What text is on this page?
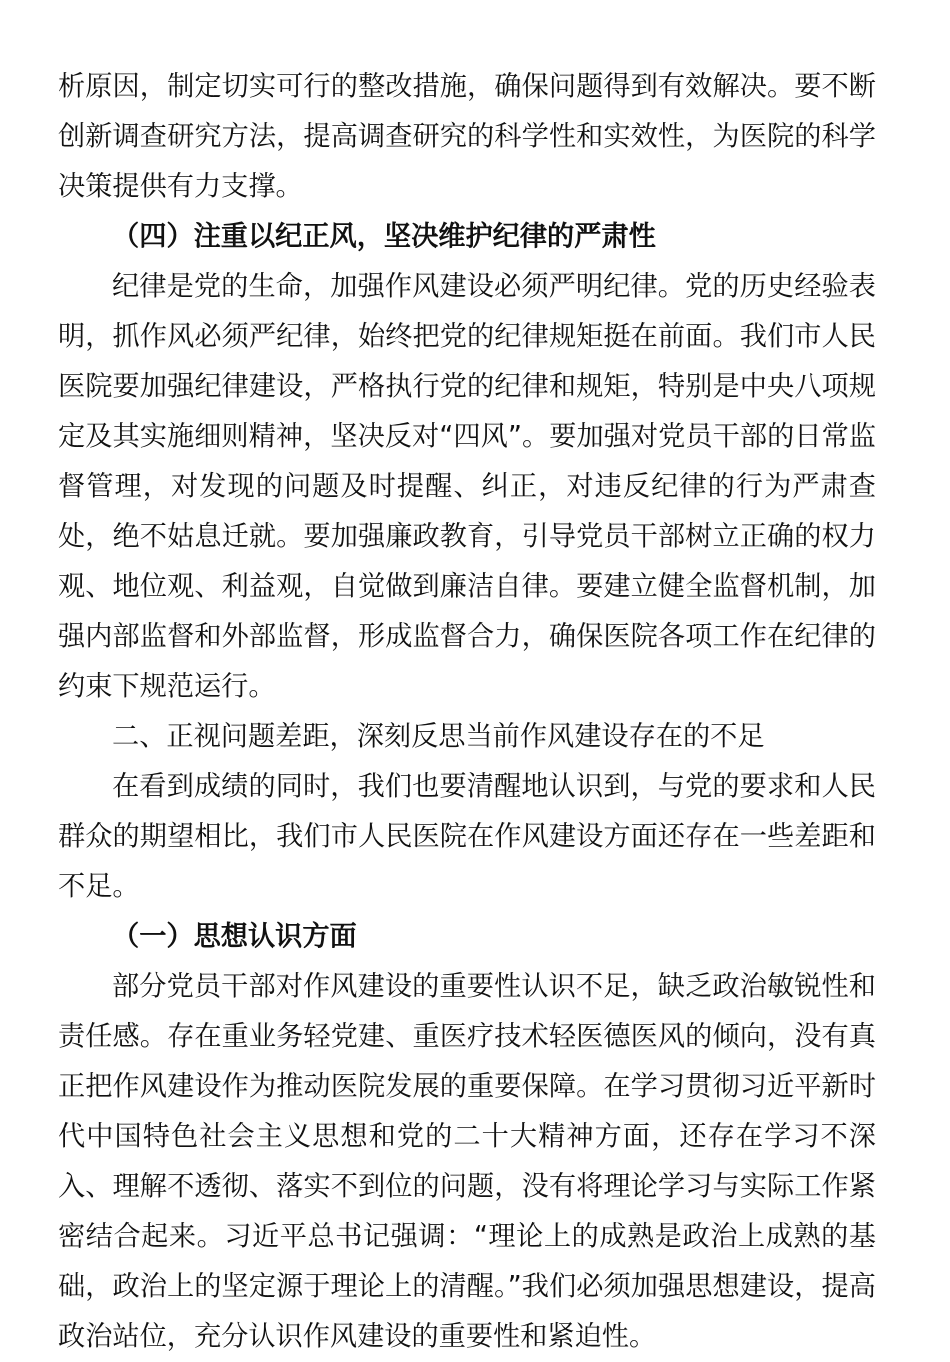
析原因，制定切实可行的整改措施，确保问题得到有效解决。要不断创新调查研究方法，提高调查研究的科学性和实效性，为医院的科学决策提供有力支撑。

（四）注重以纪正风，坚决维护纪律的严肃性

纪律是党的生命，加强作风建设必须严明纪律。党的历史经验表明，抓作风必须严纪律，始终把党的纪律规矩挺在前面。我们市人民医院要加强纪律建设，严格执行党的纪律和规矩，特别是中央八项规定及其实施细则精神，坚决反对“四风”。要加强对党员干部的日常监督管理，对发现的问题及时提醒、纠正，对违反纪律的行为严肃查处，绝不姑息迁就。要加强廉政教育，引导党员干部树立正确的权力观、地位观、利益观，自觉做到廉洁自律。要建立健全监督机制，加强内部监督和外部监督，形成监督合力，确保医院各项工作在纪律的约束下规范运行。

二、正视问题差距，深刻反思当前作风建设存在的不足

在看到成绩的同时，我们也要清醒地认识到，与党的要求和人民群众的期望相比，我们市人民医院在作风建设方面还存在一些差距和不足。

（一）思想认识方面

部分党员干部对作风建设的重要性认识不足，缺乏政治敏锐性和责任感。存在重业务轻党建、重医疗技术轻医德医风的倾向，没有真正把作风建设作为推动医院发展的重要保障。在学习贯彻习近平新时代中国特色社会主义思想和党的二十大精神方面，还存在学习不深入、理解不透彻、落实不到位的问题，没有将理论学习与实际工作紧密结合起来。习近平总书记强调：“理论上的成熟是政治上成熟的基础，政治上的坚定源于理论上的清醒。”我们必须加强思想建设，提高政治站位，充分认识作风建设的重要性和紧迫性。
